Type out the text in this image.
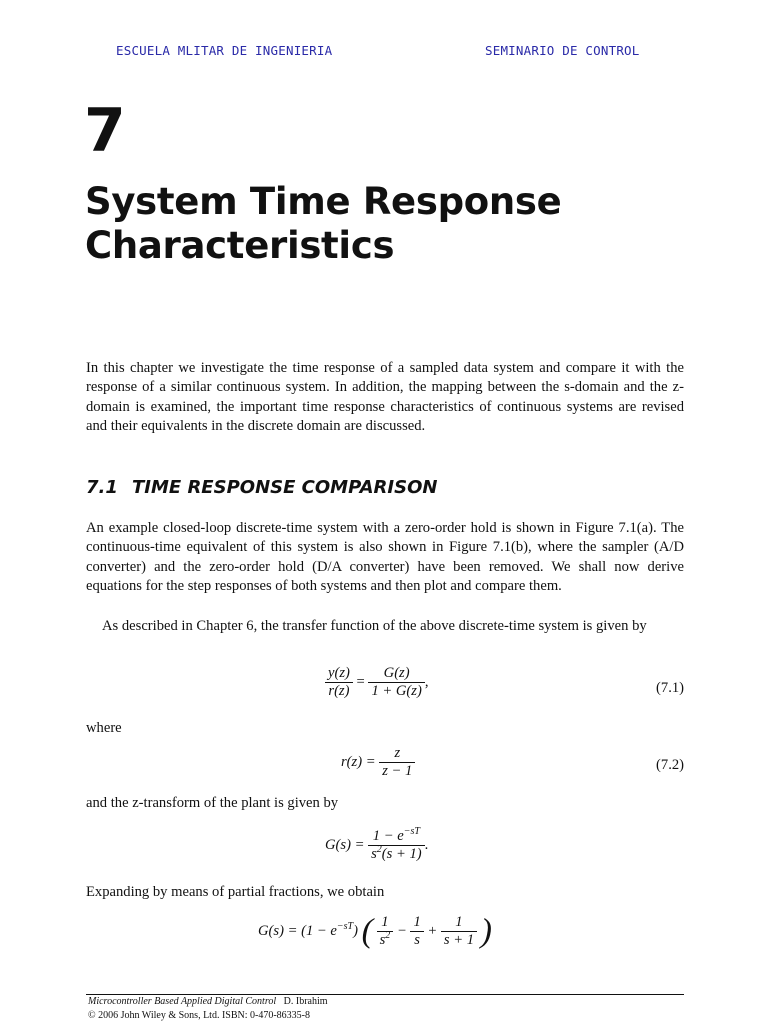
ESCUELA MLITAR DE INGENIERIA	SEMINARIO DE CONTROL
7
System Time Response
Characteristics
In this chapter we investigate the time response of a sampled data system and compare it with the response of a similar continuous system. In addition, the mapping between the s-domain and the z-domain is examined, the important time response characteristics of continuous systems are revised and their equivalents in the discrete domain are discussed.
7.1 TIME RESPONSE COMPARISON
An example closed-loop discrete-time system with a zero-order hold is shown in Figure 7.1(a). The continuous-time equivalent of this system is also shown in Figure 7.1(b), where the sampler (A/D converter) and the zero-order hold (D/A converter) have been removed. We shall now derive equations for the step responses of both systems and then plot and compare them.
As described in Chapter 6, the transfer function of the above discrete-time system is given by
$\frac{y(z)}{r(z)} = \frac{G(z)}{1 + G(z)}$ ,	(7.1)
where
$r(z) = \frac{z}{z - 1}$	(7.2)
and the z-transform of the plant is given by
$G(s) = \frac{1 - e^{-sT}}{s^2(s + 1)}$ .
Expanding by means of partial fractions, we obtain
$G(s) = (1 - e^{-sT})$ ( $\frac{1}{s^2} - \frac{1}{s} + \frac{1}{s + 1}$ )
Microcontroller Based Applied Digital Control D. Ibrahim
© 2006 John Wiley & Sons, Ltd. ISBN: 0-470-86335-8
